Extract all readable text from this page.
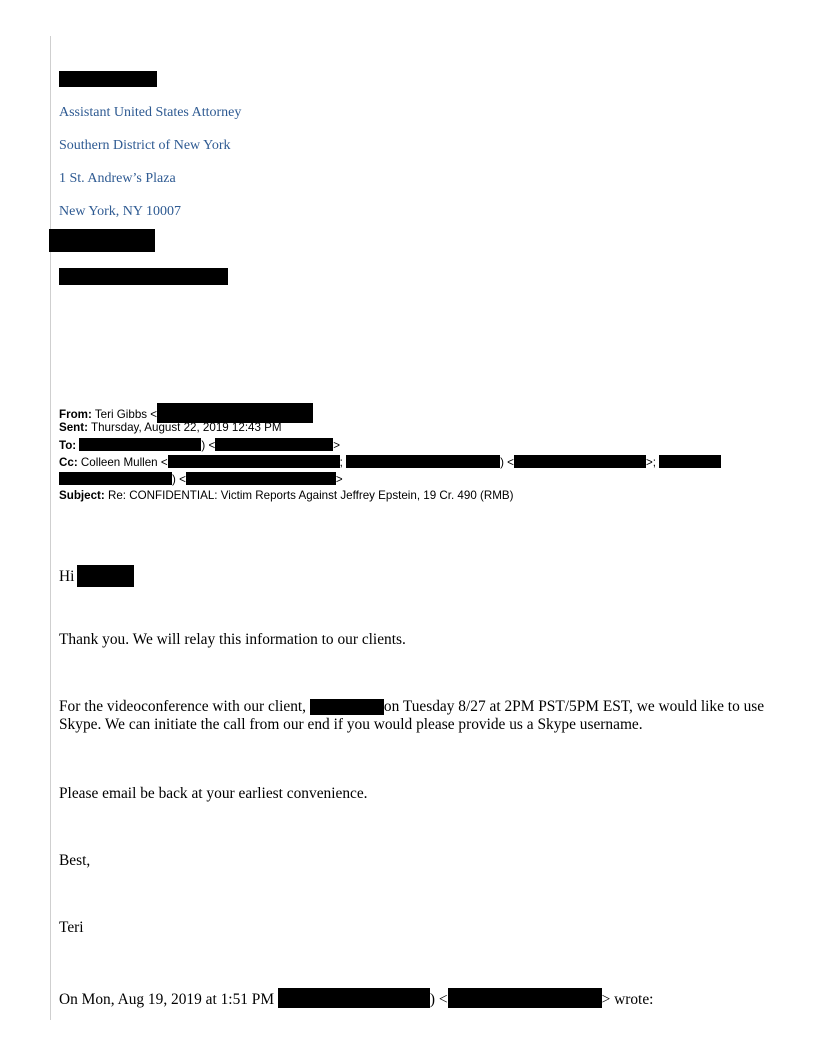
Assistant United States Attorney
Southern District of New York
1 St. Andrew’s Plaza
New York, NY 10007
From: Teri Gibbs <
Sent: Thursday, August 22, 2019 12:43 PM
To:	) <	>
Cc: Colleen Mullen <	;	) <	>;
) <	>
Subject: Re: CONFIDENTIAL: Victim Reports Against Jeffrey Epstein, 19 Cr. 490 (RMB)
Hi
Thank you. We will relay this information to our clients.
For the videoconference with our client,	on Tuesday 8/27 at 2PM PST/5PM EST, we would like to use Skype. We can initiate the call from our end if you would please provide us a Skype username.
Please email be back at your earliest convenience.
Best,
Teri
On Mon, Aug 19, 2019 at 1:51 PM	) <	> wrote:
